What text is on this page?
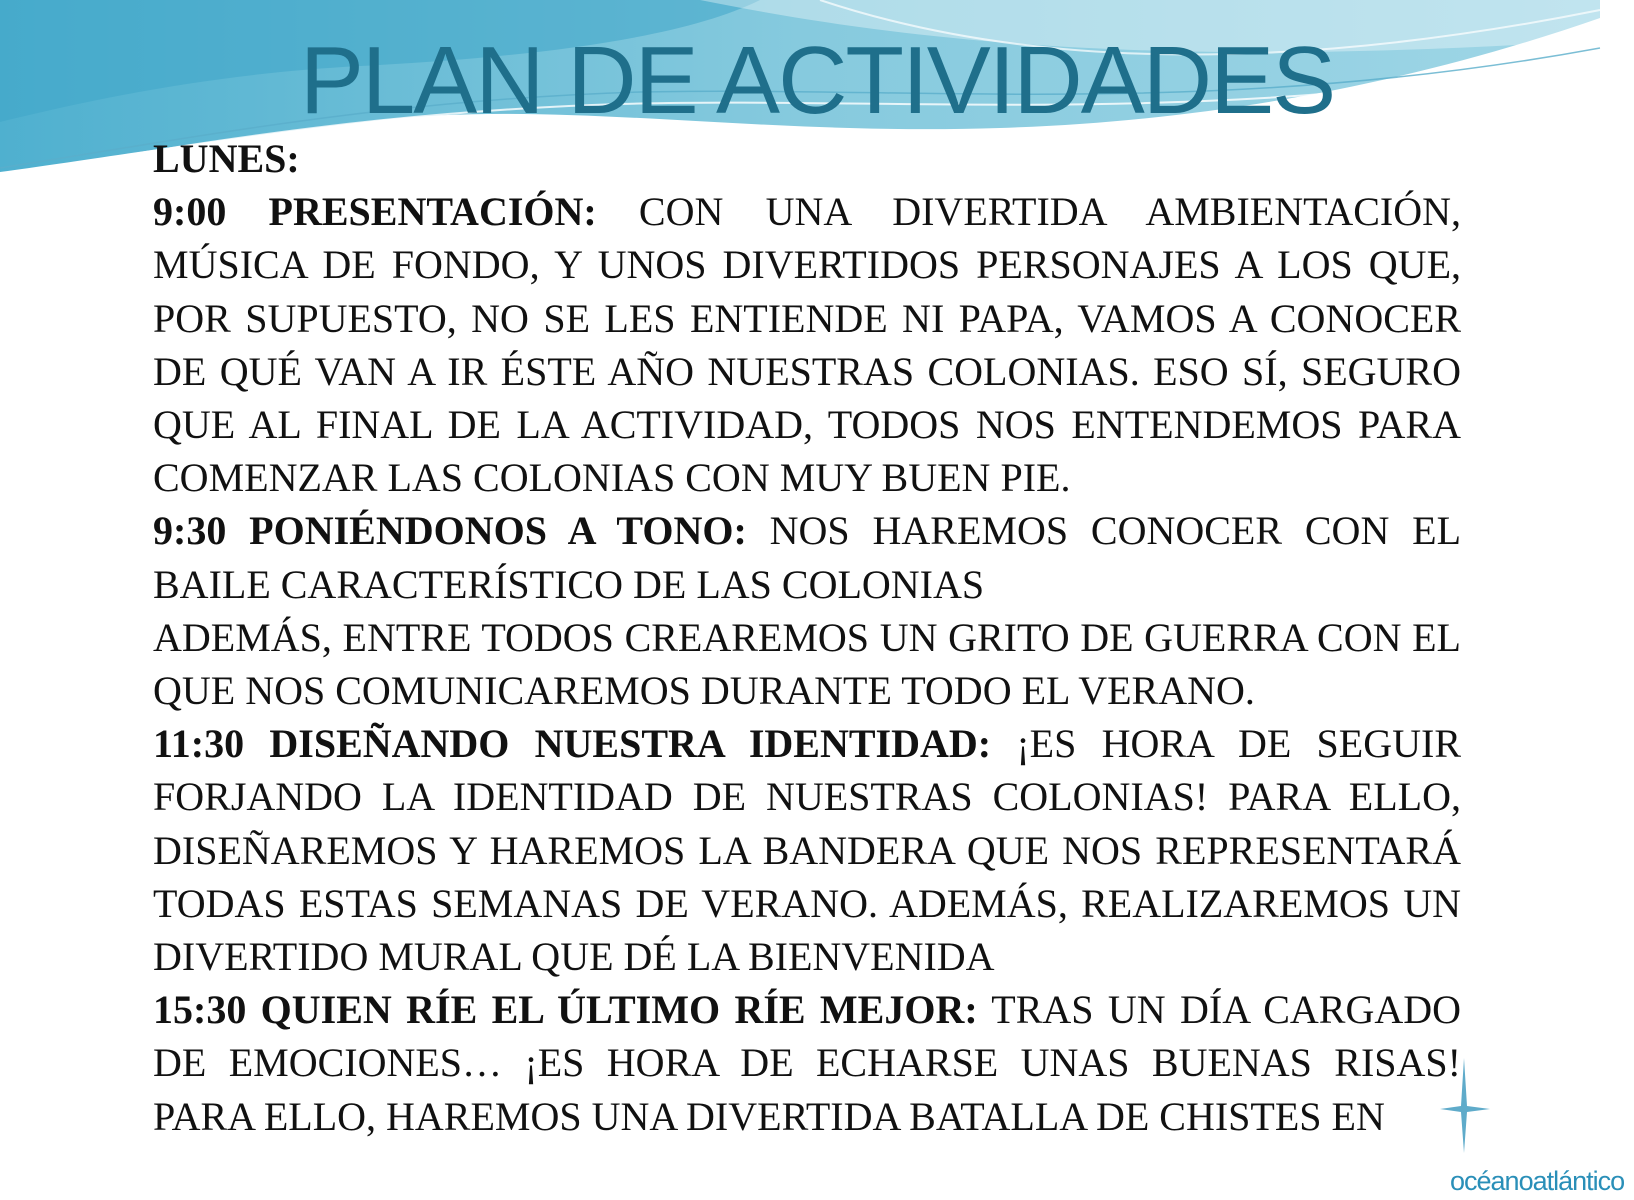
PLAN DE ACTIVIDADES

LUNES:

9:00 PRESENTACIÓN: CON UNA DIVERTIDA AMBIENTACIÓN, MÚSICA DE FONDO, Y UNOS DIVERTIDOS PERSONAJES A LOS QUE, POR SUPUESTO, NO SE LES ENTIENDE NI PAPA, VAMOS A CONOCER DE QUÉ VAN A IR ÉSTE AÑO NUESTRAS COLONIAS. ESO SÍ, SEGURO QUE AL FINAL DE LA ACTIVIDAD, TODOS NOS ENTENDEMOS PARA COMENZAR LAS COLONIAS CON MUY BUEN PIE.

9:30 PONIÉNDONOS A TONO: NOS HAREMOS CONOCER CON EL BAILE CARACTERÍSTICO DE LAS COLONIAS

ADEMÁS, ENTRE TODOS CREAREMOS UN GRITO DE GUERRA CON EL QUE NOS COMUNICAREMOS DURANTE TODO EL VERANO.

11:30 DISEÑANDO NUESTRA IDENTIDAD: ¡ES HORA DE SEGUIR FORJANDO LA IDENTIDAD DE NUESTRAS COLONIAS! PARA ELLO, DISEÑAREMOS Y HAREMOS LA BANDERA QUE NOS REPRESENTARÁ TODAS ESTAS SEMANAS DE VERANO. ADEMÁS, REALIZAREMOS UN DIVERTIDO MURAL QUE DÉ LA BIENVENIDA

15:30 QUIEN RÍE EL ÚLTIMO RÍE MEJOR: TRAS UN DÍA CARGADO DE EMOCIONES… ¡ES HORA DE ECHARSE UNAS BUENAS RISAS! PARA ELLO, HAREMOS UNA DIVERTIDA BATALLA DE CHISTES EN

océanoatlántico
